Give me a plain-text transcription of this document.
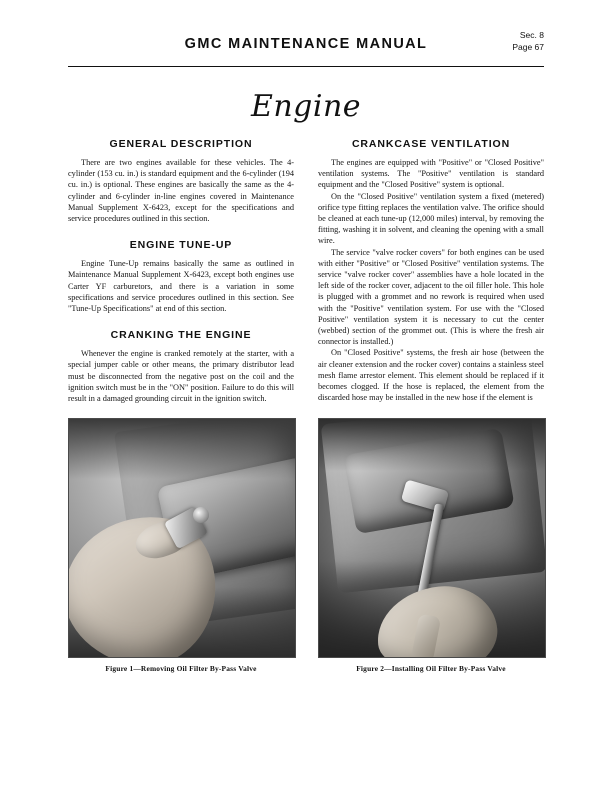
GMC MAINTENANCE MANUAL
Sec. 8
Page 67
Engine
GENERAL DESCRIPTION

There are two engines available for these vehicles. The 4-cylinder (153 cu. in.) is standard equipment and the 6-cylinder (194 cu. in.) is optional. These engines are basically the same as the 4-cylinder and 6-cylinder in-line engines covered in Maintenance Manual Supplement X-6423, except for the specifications and service procedures outlined in this section.

ENGINE TUNE-UP

Engine Tune-Up remains basically the same as outlined in Maintenance Manual Supplement X-6423, except both engines use Carter YF carburetors, and there is a variation in some specifications and service procedures outlined in this section. See "Tune-Up Specifications" at end of this section.

CRANKING THE ENGINE

Whenever the engine is cranked remotely at the starter, with a special jumper cable or other means, the primary distributor lead must be disconnected from the negative post on the coil and the ignition switch must be in the "ON" position. Failure to do this will result in a damaged grounding circuit in the ignition switch.

CRANKCASE VENTILATION

The engines are equipped with "Positive" or "Closed Positive" ventilation systems. The "Positive" ventilation is standard equipment and the "Closed Positive" system is optional.

On the "Closed Positive" ventilation system a fixed (metered) orifice type fitting replaces the ventilation valve. The orifice should be cleaned at each tune-up (12,000 miles) interval, by removing the fitting, washing it in solvent, and cleaning the opening with a small wire.

The service "valve rocker covers" for both engines can be used with either "Positive" or "Closed Positive" ventilation systems. The service "valve rocker cover" assemblies have a hole located in the left side of the rocker cover, adjacent to the oil filler hole. This hole is plugged with a grommet and no rework is required when used with the "Positive" ventilation system. For use with the "Closed Positive" ventilation system it is necessary to cut the center (webbed) section of the grommet out. (This is where the fresh air connector is installed.)

On "Closed Positive" systems, the fresh air hose (between the air cleaner extension and the rocker cover) contains a stainless steel mesh flame arrestor element. This element should be replaced if it becomes clogged. If the hose is replaced, the element from the discarded hose may be installed in the new hose if the element is

Figure 1—Removing Oil Filter By-Pass Valve	Figure 2—Installing Oil Filter By-Pass Valve
